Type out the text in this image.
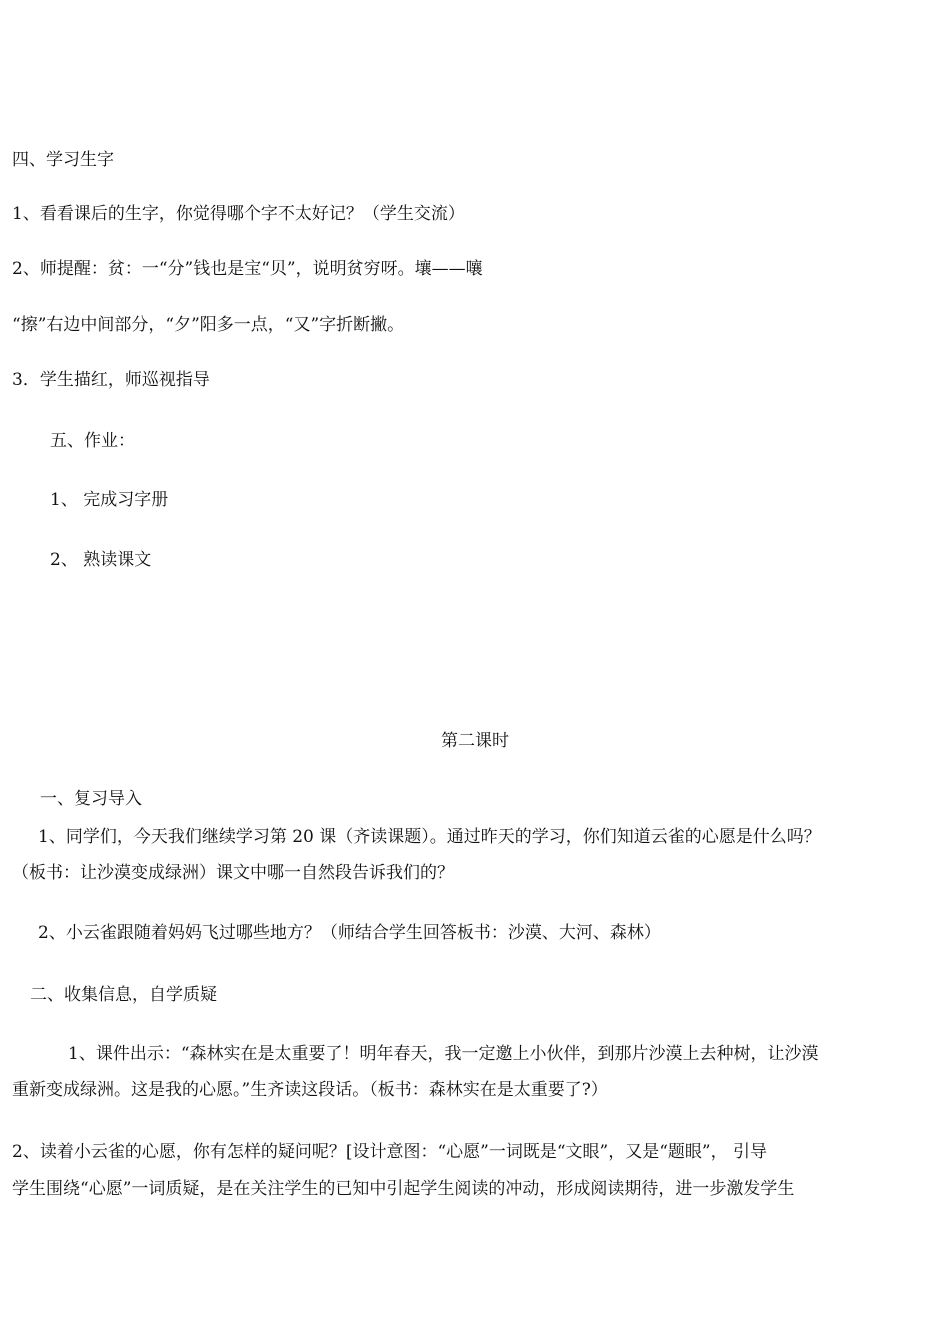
四、学习生字
1、看看课后的生字，你觉得哪个字不太好记？（学生交流）
2、师提醒：贫：一“分”钱也是宝“贝”，说明贫穷呀。壤——嚷
“擦”右边中间部分，“夕”阳多一点，“又”字折断撇。
3．学生描红，师巡视指导
五、作业：
1、 完成习字册
2、 熟读课文
第二课时
一、复习导入
1、同学们，今天我们继续学习第 20 课（齐读课题）。通过昨天的学习，你们知道云雀的心愿是什么吗？
（板书：让沙漠变成绿洲）课文中哪一自然段告诉我们的？
2、小云雀跟随着妈妈飞过哪些地方？（师结合学生回答板书：沙漠、大河、森林）
二、收集信息，自学质疑
1、课件出示：“森林实在是太重要了！明年春天，我一定邀上小伙伴，到那片沙漠上去种树，让沙漠
重新变成绿洲。这是我的心愿。”生齐读这段话。（板书：森林实在是太重要了?）
2、读着小云雀的心愿，你有怎样的疑问呢？[设计意图：“心愿”一词既是“文眼”，又是“题眼”， 引导
学生围绕“心愿”一词质疑，是在关注学生的已知中引起学生阅读的冲动，形成阅读期待，进一步激发学生
